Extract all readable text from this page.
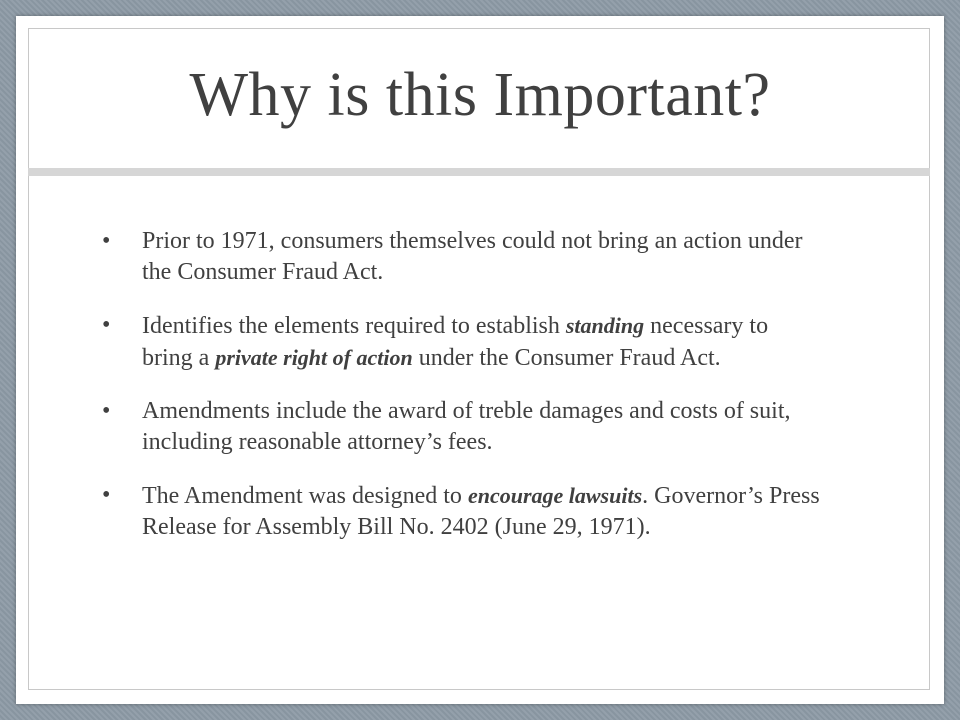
Why is this Important?
•	Prior to 1971, consumers themselves could not bring an action under the Consumer Fraud Act.
•	Identifies the elements required to establish standing necessary to bring a private right of action under the Consumer Fraud Act.
•	Amendments include the award of treble damages and costs of suit, including reasonable attorney’s fees.
•	The Amendment was designed to encourage lawsuits. Governor’s Press Release for Assembly Bill No. 2402 (June 29, 1971).
